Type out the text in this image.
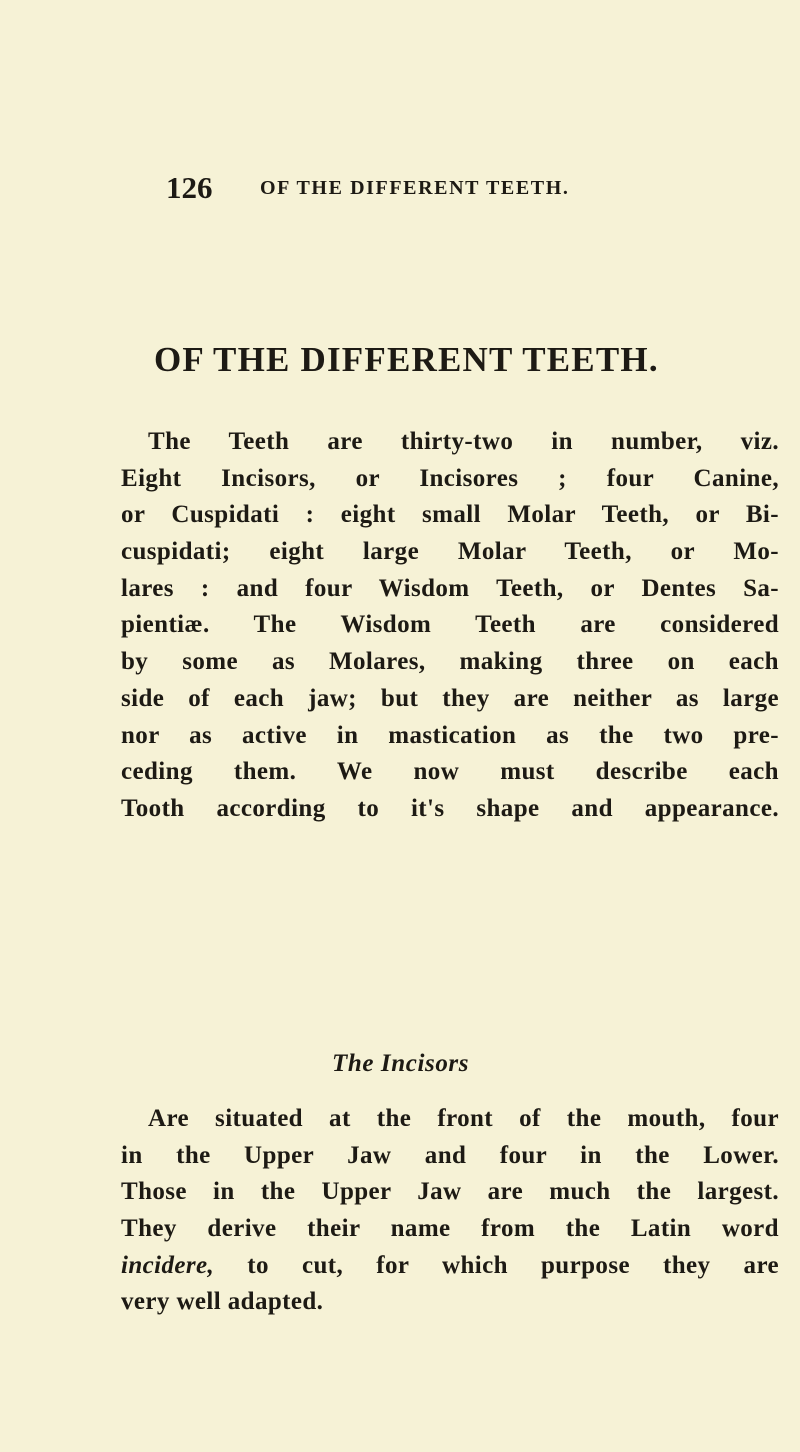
126 OF THE DIFFERENT TEETH.
OF THE DIFFERENT TEETH.
The Teeth are thirty-two in number, viz.
Eight Incisors, or Incisores ; four Canine,
or Cuspidati : eight small Molar Teeth, or Bi-
cuspidati; eight large Molar Teeth, or Mo-
lares : and four Wisdom Teeth, or Dentes Sa-
pientiæ. The Wisdom Teeth are considered
by some as Molares, making three on each
side of each jaw; but they are neither as large
nor as active in mastication as the two pre-
ceding them. We now must describe each
Tooth according to it's shape and appearance.
The Incisors
Are situated at the front of the mouth, four
in the Upper Jaw and four in the Lower.
Those in the Upper Jaw are much the largest.
They derive their name from the Latin word
incidere, to cut, for which purpose they are
very well adapted.
